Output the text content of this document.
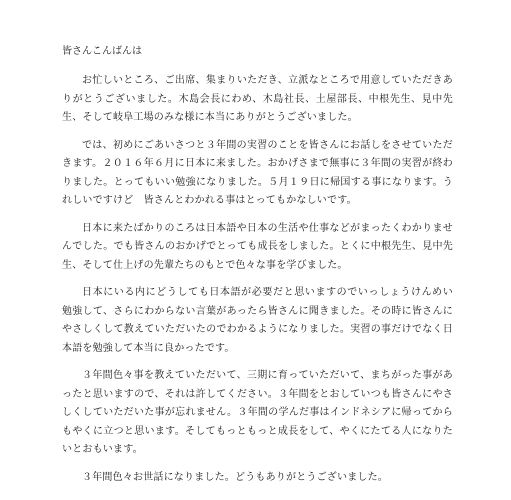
皆さんこんばんは

お忙しいところ、ご出席、集まりいただき、立派なところで用意していただきありがとうございました。木島会長にわめ、木島社長、土屋部長、中根先生、見中先生、そして岐阜工場のみな様に本当にありがとうございました。

では、初めにごあいさつと３年間の実習のことを皆さんにお話しをさせていただきます。２０１６年６月に日本に来ました。おかげさまで無事に３年間の実習が終わりました。とってもいい勉強になりました。５月１９日に帰国する事になります。うれしいですけど　皆さんとわかれる事はとってもかなしいです。

日本に来たばかりのころは日本語や日本の生活や仕事などがまったくわかりませんでした。でも皆さんのおかげでとっても成長をしました。とくに中根先生、見中先生、そして仕上げの先輩たちのもとで色々な事を学びました。

日本にいる内にどうしても日本語が必要だと思いますのでいっしょうけんめい　勉強して、さらにわからない言葉があったら皆さんに聞きました。その時に皆さんにやさしくして教えていただいたのでわかるようになりました。実習の事だけでなく日本語を勉強して本当に良かったです。

３年間色々事を教えていただいて、三期に育っていただいて、まちがった事があったと思いますので、それは許してください。３年間をとおしていつも皆さんにやさしくしていただいた事が忘れません。３年間の学んだ事はインドネシアに帰ってからもやくに立つと思います。そしてもっともっと成長をして、やくにたてる人になりたいとおもいます。

３年間色々お世話になりました。どうもありがとうございました。
